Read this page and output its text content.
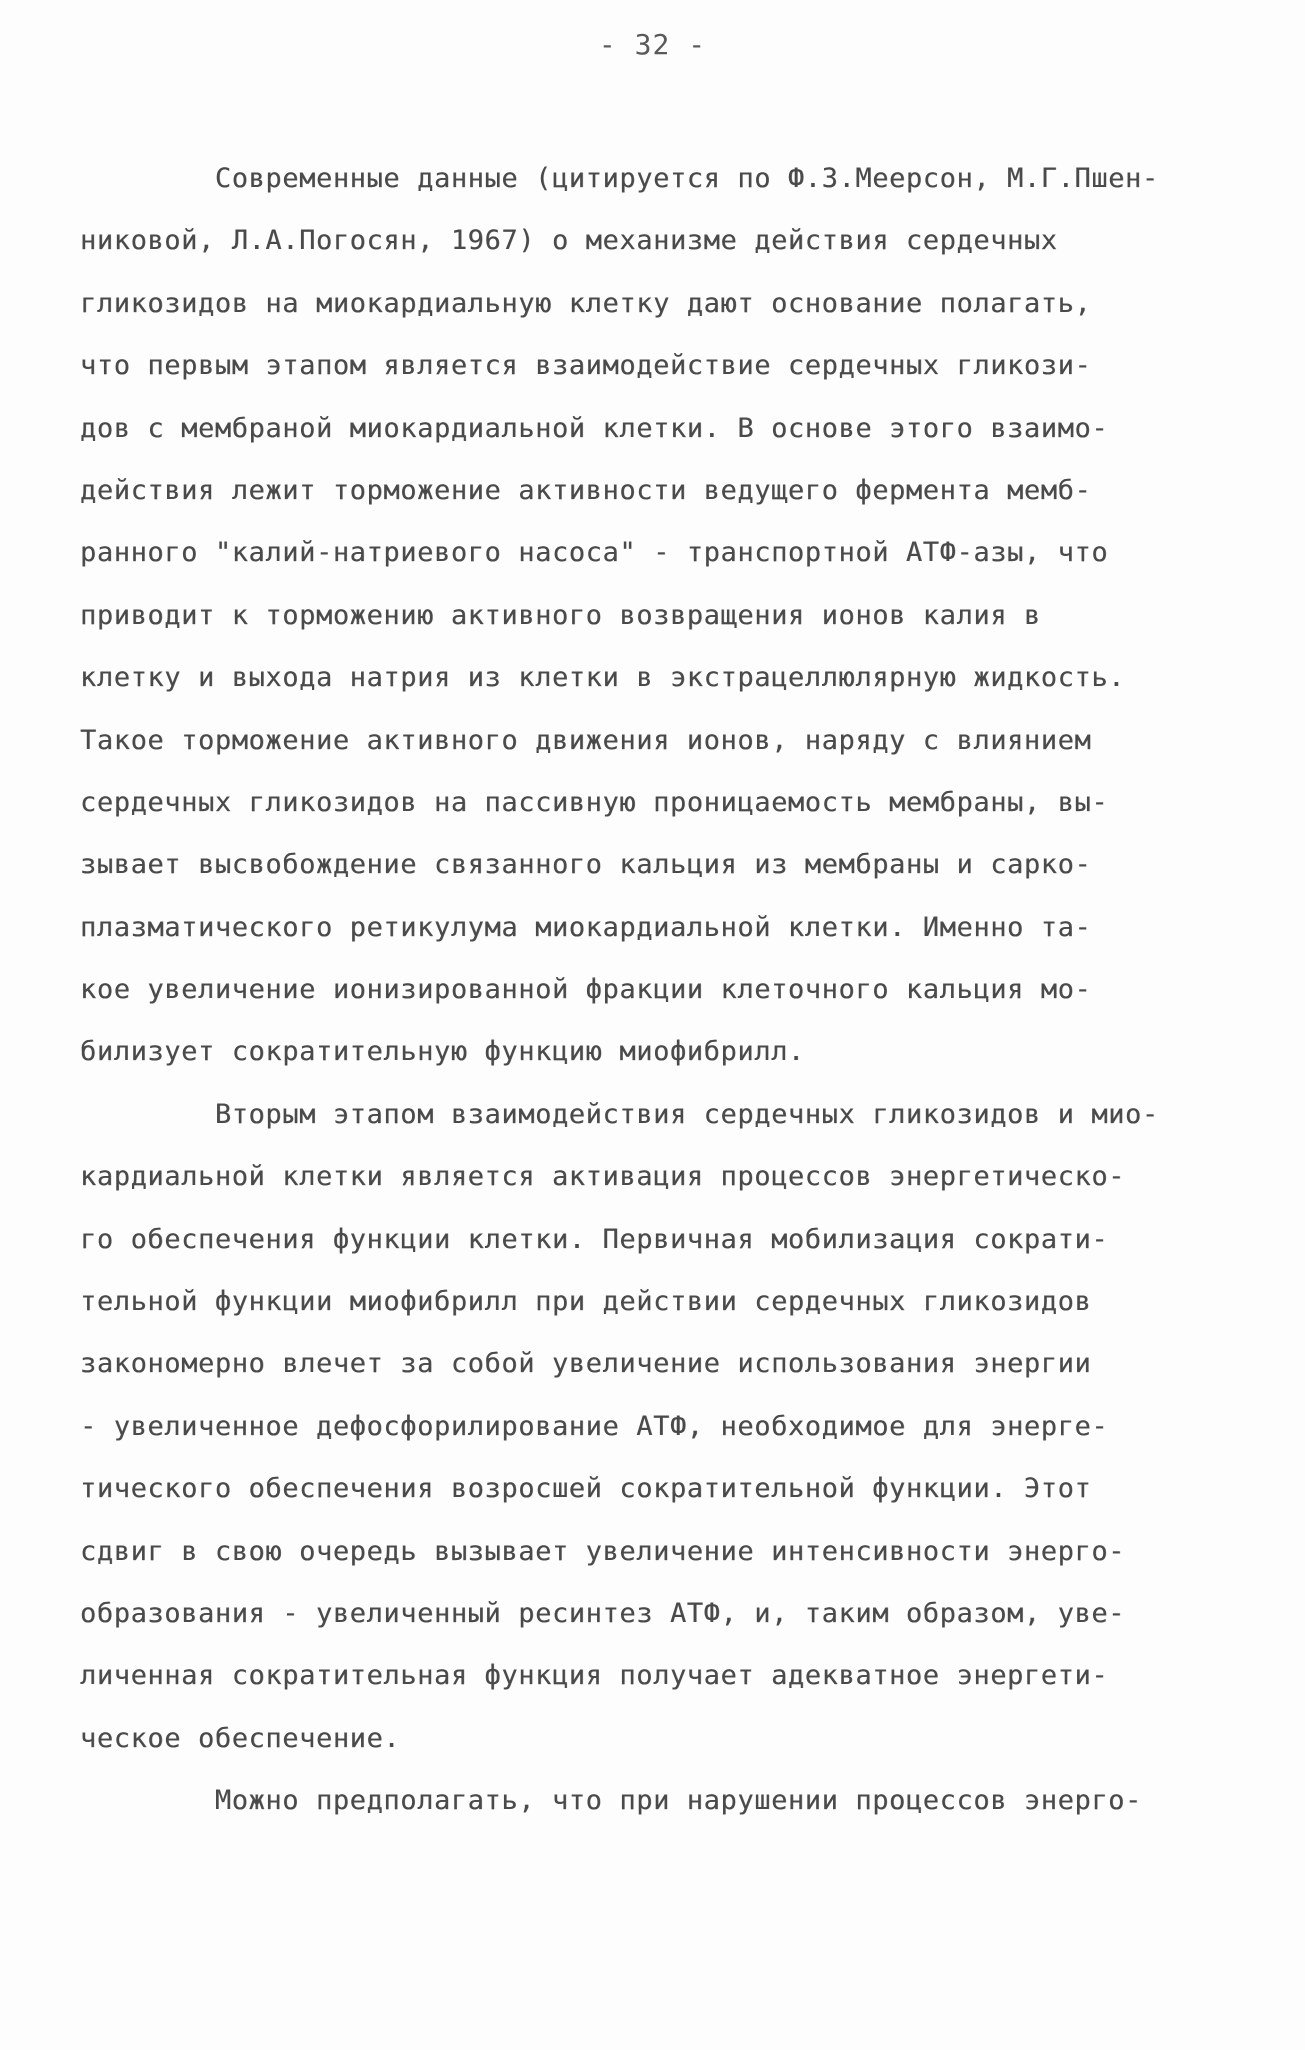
- 32 -
Современные данные (цитируется по Ф.З.Меерсон, М.Г.Пшен-
никовой, Л.А.Погосян, 1967) о механизме действия сердечных
гликозидов на миокардиальную клетку дают основание полагать,
что первым этапом является взаимодействие сердечных гликози-
дов с мембраной миокардиальной клетки. В основе этого взаимо-
действия лежит торможение активности ведущего фермента мемб-
ранного "калий-натриевого насоса" - транспортной АТФ-азы, что
приводит к торможению активного возвращения ионов калия в
клетку и выхода натрия из клетки в экстрацеллюлярную жидкость.
Такое торможение активного движения ионов, наряду с влиянием
сердечных гликозидов на пассивную проницаемость мембраны, вы-
зывает высвобождение связанного кальция из мембраны и сарко-
плазматического ретикулума миокардиальной клетки. Именно та-
кое увеличение ионизированной фракции клеточного кальция мо-
билизует сократительную функцию миофибрилл.
Вторым этапом взаимодействия сердечных гликозидов и мио-
кардиальной клетки является активация процессов энергетическо-
го обеспечения функции клетки. Первичная мобилизация сократи-
тельной функции миофибрилл при действии сердечных гликозидов
закономерно влечет за собой увеличение использования энергии
- увеличенное дефосфорилирование АТФ, необходимое для энерге-
тического обеспечения возросшей сократительной функции. Этот
сдвиг в свою очередь вызывает увеличение интенсивности энерго-
образования - увеличенный ресинтез АТФ, и, таким образом, уве-
личенная сократительная функция получает адекватное энергети-
ческое обеспечение.
Можно предполагать, что при нарушении процессов энерго-
